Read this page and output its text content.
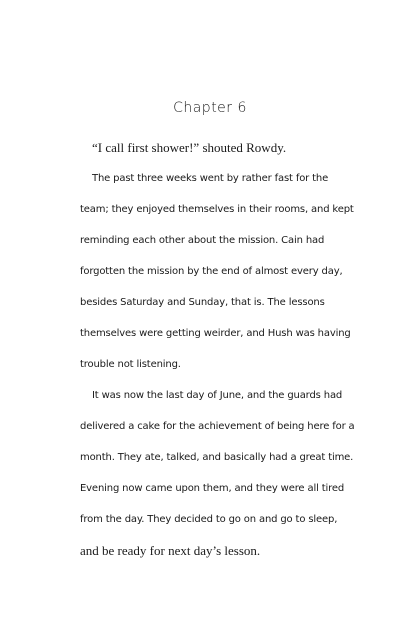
Chapter 6
“I call first shower!” shouted Rowdy.
The past three weeks went by rather fast for the
team; they enjoyed themselves in their rooms, and kept
reminding each other about the mission. Cain had
forgotten the mission by the end of almost every day,
besides Saturday and Sunday, that is. The lessons
themselves were getting weirder, and Hush was having
trouble not listening.
It was now the last day of June, and the guards had
delivered a cake for the achievement of being here for a
month. They ate, talked, and basically had a great time.
Evening now came upon them, and they were all tired
from the day. They decided to go on and go to sleep,
and be ready for next day’s lesson.
